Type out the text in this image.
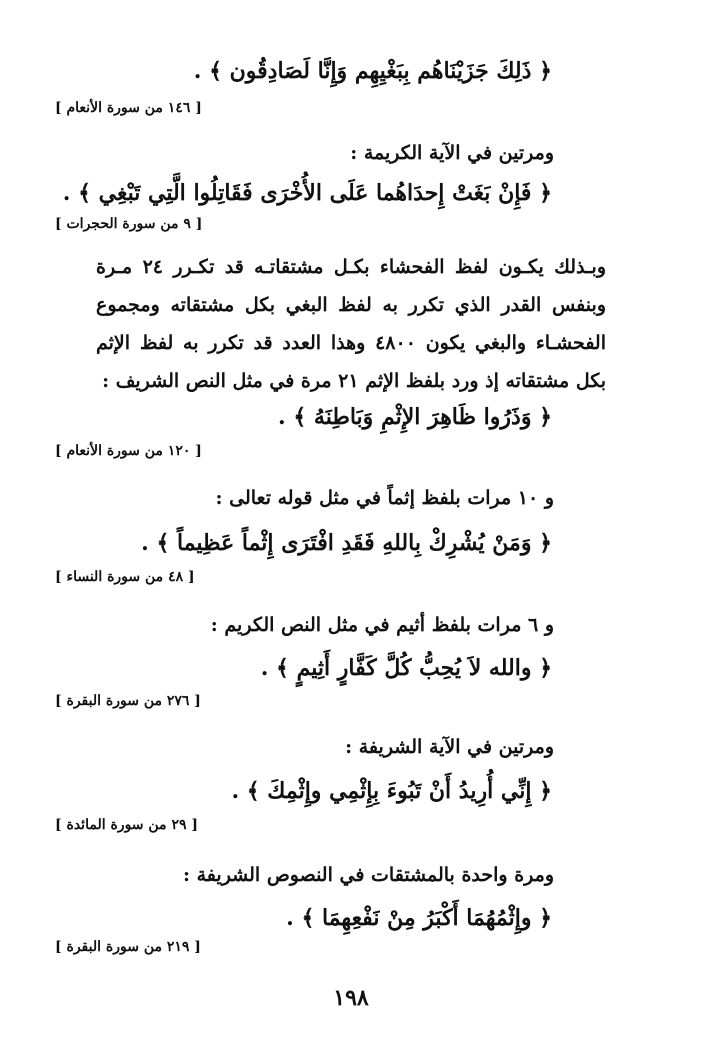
﴿ ذَلِكَ جَزَيْنَاهُم بِبَغْيِهِم وَإِنَّا لَصَادِقُون ﴾ .

[ ١٤٦ من سورة الأنعام ]

ومرتين في الآية الكريمة :

﴿ فَإِنْ بَغَتْ إِحدَاهُما عَلَى الأُخْرَى فَقَاتِلُوا الَّتِي تَبْغِي ﴾ .

[ ٩ من سورة الحجرات ]

وبـذلك يكـون لفظ الفحشاء بكـل مشتقاتـه قد تكـرر ٢٤ مـرة وبنفس القدر الذي تكرر به لفظ البغي بكل مشتقاته ومجموع الفحشـاء والبغي يكون ٤٨٠٠ وهذا العدد قد تكرر به لفظ الإثم بكل مشتقاته إذ ورد بلفظ الإثم ٢١ مرة في مثل النص الشريف :

﴿ وَذَرُوا ظَاهِرَ الإِثْمِ وَبَاطِنَهُ ﴾ .

[ ١٢٠ من سورة الأنعام ]

و ١٠ مرات بلفظ إثماً في مثل قوله تعالى :

﴿ وَمَنْ يُشْرِكْ بِاللهِ فَقَدِ افْتَرَى إِثْماً عَظِيماً ﴾ .

[ ٤٨ من سورة النساء ]

و ٦ مرات بلفظ أثيم في مثل النص الكريم :

﴿ والله لاَ يُحِبُّ كُلَّ كَفَّارٍ أَثِيمٍ ﴾ .

[ ٢٧٦ من سورة البقرة ]

ومرتين في الآية الشريفة :

﴿ إِنِّي أُرِيدُ أَنْ تَبُوءَ بِإِثْمِي وإِثْمِكَ ﴾ .

[ ٢٩ من سورة المائدة ]

ومرة واحدة بالمشتقات في النصوص الشريفة :

﴿ وإِثْمُهُمَا أَكْبَرُ مِنْ نَفْعِهِمَا ﴾ .

[ ٢١٩ من سورة البقرة ]

١٩٨
